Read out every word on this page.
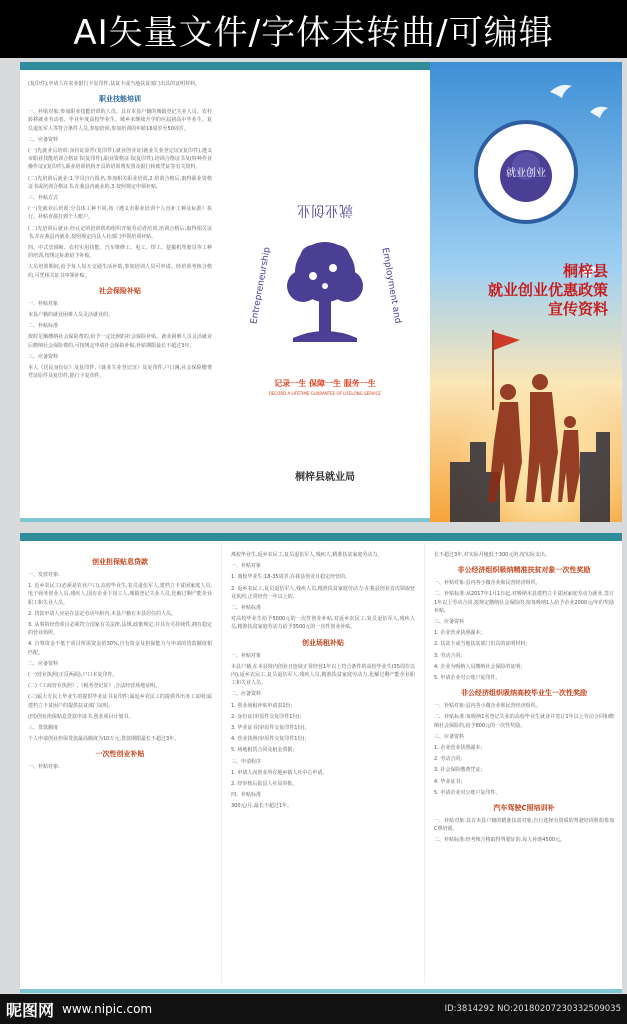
AI矢量文件/字体未转曲/可编辑

(复印件),申请人在农业银行卡复印件,扶贫卡或当地扶贫部门出具的证明材料。

职业技能培训

一、补贴对象:参加职业技能培训的人员。具有本县户籍的城镇登记失业人员、农村转移就业劳动者、毕业年度高校毕业生、城乡未继续升学的应届初高中毕业生、复员退伍军人等符合条件人员,参加培训,参加培训的年龄16周岁至50周岁。

二、应备资料

(一)先就业后培训:身份证原件(复印件),就业创业证(就业失业登记证)(复印件),遵义市职业技能培训合格证书(复印件),职业资格证书(复印件),培训合格证书及(特种作业操作证)(复印件),职业培训机构开具的培训费发票及银行转账凭证等有关资料。

(二)先培训后就业:1.学员自行报名,参加相关职业培训,2.培训合格后,取得职业资格证书或培训合格证书,在我县内就业的,3.按照规定申领补贴。

三、补贴方式

(一)先就业后培训:分具体工种不同,按《遵义市职业培训个人直补工种及标准》执行。补贴直接打到个人账户。

(二)先培训后就业:经认定的培训机构组织开展劳动者培训,培训合格后,取得相关证书,并在我县内就业,按照规定向县人社部门申领培训补贴。

四、中式烹调师、农村实用技能、汽车维修工、电工、焊工、挖掘机驾驶员等工种的培训,按规定标准给予补贴。

人员培训期间,给予每人每天交通生活补助,参加培训人员可申请。经培训考核合格的,可凭相关证书申领补贴。

社会保险补贴

一、补贴对象

本县户籍的就业困难人员灵活就业的。

二、补贴标准

按时足额缴纳社会保险费的,给予一定比例的社会保险补贴。就业困难人员灵活就业后缴纳社会保险费的,可按规定申请社会保险补贴,补贴期限最长不超过3年。

三、应备资料

本人《居民身份证》及复印件,《就业失业登记证》及复印件,户口簿,社会保险缴费凭证原件及复印件,银行卡复印件。

就业创业
Entrepreneurship	Employment and
记录一生 保障一生 服务一生
RECORD A LIFETIME GUARANTEE OF LIFELONG SERVICE
桐梓县就业局
就业创业
桐梓县
就业创业优惠政策
宣传资料
创业担保贴息贷款

一、发放对象:

1. 近乡农民工(必须是农业户口),高校毕业生,复员退伍军人,建档立卡贫困家庭人员,电子商务创业人员,残疾人,国有企业下岗工人,城镇登记失业人员,化解过剩产能企业职工和失业人员。

2. 贷款申请人应是在法定劳动年龄内,本县户籍在本县居住的人员。

3. 从事的经营项目必须符合国家有关法律,法规,政策规定,并具有可持续性,拥有稳定的营业场所。

4. 自筹资金不低于项目所需资金的30%,自有资金及担保能力与申请的贷款额度相匹配。

二、应备资料

(一)营业执照(正反两面),户口本复印件。

(二)《工商营业执照》,《税务登记证》,合法经营场地证明。

(三)属大专以上毕业生的提供毕业证书复印件;属返乡农民工的提供外出务工证明;属建档立卡贫困户的提供扶贫部门证明。

(四)创业担保贴息贷款申请书,创业项目计划书。

三、贷款额度

个人申请创业担保贷款最高额度为10万元,贷款期限最长不超过3年。

一次性创业补贴

一、补贴对象:

离校毕业生,返乡农民工,复员退伍军人,残疾人,精准扶贫家庭劳动力。

一、补贴对象

1. 离校毕业生:18-35周岁,在我县创业且稳定经营的。

2. 返乡农民工,复员退伍军人,残疾人员,精准扶贫家庭劳动力:在我县创业首次领取营业执照,正常经营一年以上的。

二、补贴标准

对高校毕业生给予5000元的一次性创业补贴,对返乡农民工,复员退伍军人,残疾人员,精准扶贫家庭劳动力给予3500元的一次性创业补贴。

创业场租补贴

一、补贴对象

本县户籍,在本县境内创业且连续正常经营1年以上符合条件的高校毕业生(35周岁以内),返乡农民工,复员退伍军人,残疾人员,精准扶贫家庭劳动力,化解过剩产能企业职工和失业人员。

二、应备资料

1. 创业场租补贴申请表1份;

2. 身份证(审原件交复印件1份);

3. 毕业证书(审原件交复印件1份);

4. 营业执照(审原件交复印件1份);

5. 场地租赁合同及租金票据;

三、申请程序

1. 申请人向创业所在地乡镇人社中心申请。

2. 经审核后报县人社局审批。

四、补贴标准

300元/月,最长不超过1年。

长不超过3年,对实际月租低于300元的,按实际支出。

非公经济组织吸纳精准扶贫对象一次性奖励

一、补贴对象:县内各小微企业和民营经济组织。

二、补贴标准:从2017年1月1日起,对吸纳本县建档立卡贫困家庭劳动力就业,签订1年以上劳动合同,按规定缴纳社会保险的,按每吸纳1人给予企业2000元/年的奖励补贴。

三、应备资料

1. 企业营业执照副本;

2. 扶贫卡或当地扶贫部门出具的证明材料;

3. 劳动合同;

4. 企业为吸纳人员缴纳社会保险的证明;

5. 申请企业对公账户复印件。

非公经济组织吸纳高校毕业生一次性奖励

一、补贴对象:县内各小微企业和民营经济组织。

二、补贴标准:每吸纳1名登记失业的高校毕业生就业并签订1年以上劳动合同和缴纳社会保险的,给予800元的一次性奖励。

三、应备资料

1. 企业营业执照副本;

2. 劳动合同;

3. 社会保险缴费凭证;

4. 毕业证书;

5. 申请企业对公账户复印件。

汽车驾驶C照培训补

一、补贴对象:具有本县户籍的精准扶贫对象,自行选择有资质的驾驶培训机构参加C照培训。

二、补贴标准:经考核合格取得驾驶证的,每人补助4500元。

昵图网 www.nipic.com	ID:3814292 NO:20180207230332509035
